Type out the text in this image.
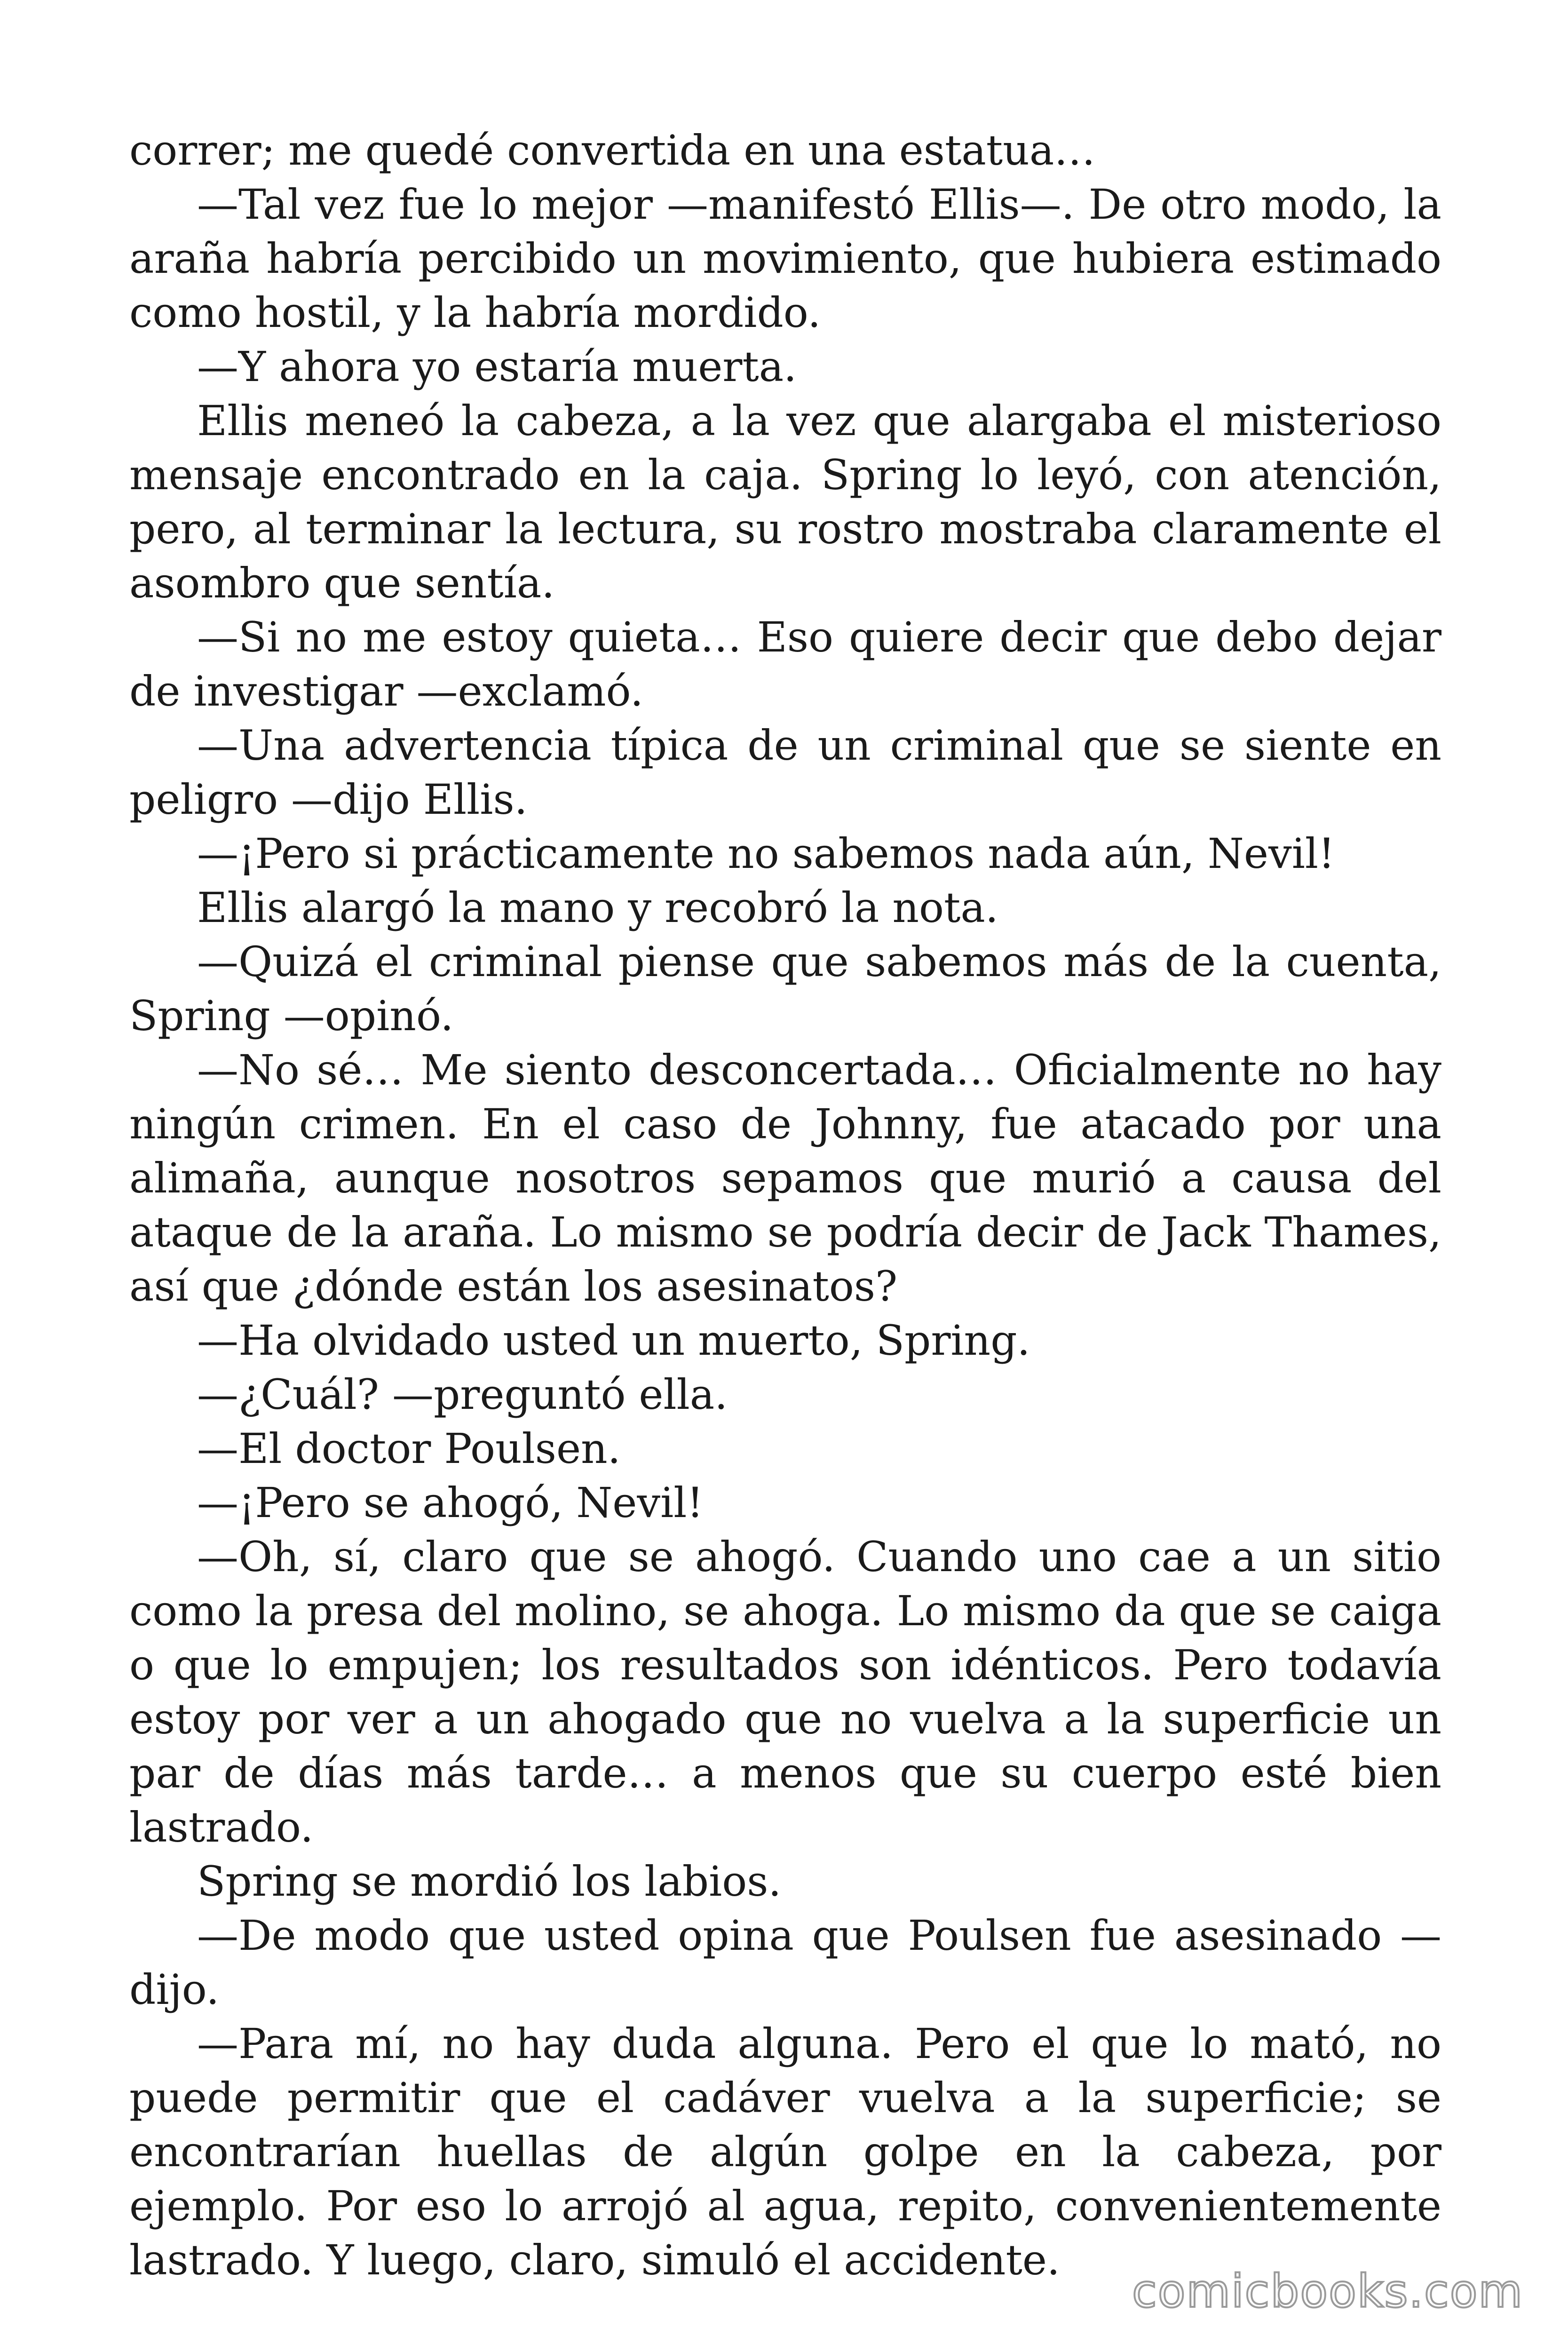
correr; me quedé convertida en una estatua…

—Tal vez fue lo mejor —manifestó Ellis—. De otro modo, la araña habría percibido un movimiento, que hubiera estimado como hostil, y la habría mordido.

—Y ahora yo estaría muerta.

Ellis meneó la cabeza, a la vez que alargaba el misterioso mensaje encontrado en la caja. Spring lo leyó, con atención, pero, al terminar la lectura, su rostro mostraba claramente el asombro que sentía.

—Si no me estoy quieta… Eso quiere decir que debo dejar de investigar —exclamó.

—Una advertencia típica de un criminal que se siente en peligro —dijo Ellis.

—¡Pero si prácticamente no sabemos nada aún, Nevil!

Ellis alargó la mano y recobró la nota.

—Quizá el criminal piense que sabemos más de la cuenta, Spring —opinó.

—No sé… Me siento desconcertada… Oficialmente no hay ningún crimen. En el caso de Johnny, fue atacado por una alimaña, aunque nosotros sepamos que murió a causa del ataque de la araña. Lo mismo se podría decir de Jack Thames, así que ¿dónde están los asesinatos?

—Ha olvidado usted un muerto, Spring.

—¿Cuál? —preguntó ella.

—El doctor Poulsen.

—¡Pero se ahogó, Nevil!

—Oh, sí, claro que se ahogó. Cuando uno cae a un sitio como la presa del molino, se ahoga. Lo mismo da que se caiga o que lo empujen; los resultados son idénticos. Pero todavía estoy por ver a un ahogado que no vuelva a la superficie un par de días más tarde… a menos que su cuerpo esté bien lastrado.

Spring se mordió los labios.

—De modo que usted opina que Poulsen fue asesinado —dijo.

—Para mí, no hay duda alguna. Pero el que lo mató, no puede permitir que el cadáver vuelva a la superficie; se encontrarían huellas de algún golpe en la cabeza, por ejemplo. Por eso lo arrojó al agua, repito, convenientemente lastrado. Y luego, claro, simuló el accidente.

comicbooks.com
